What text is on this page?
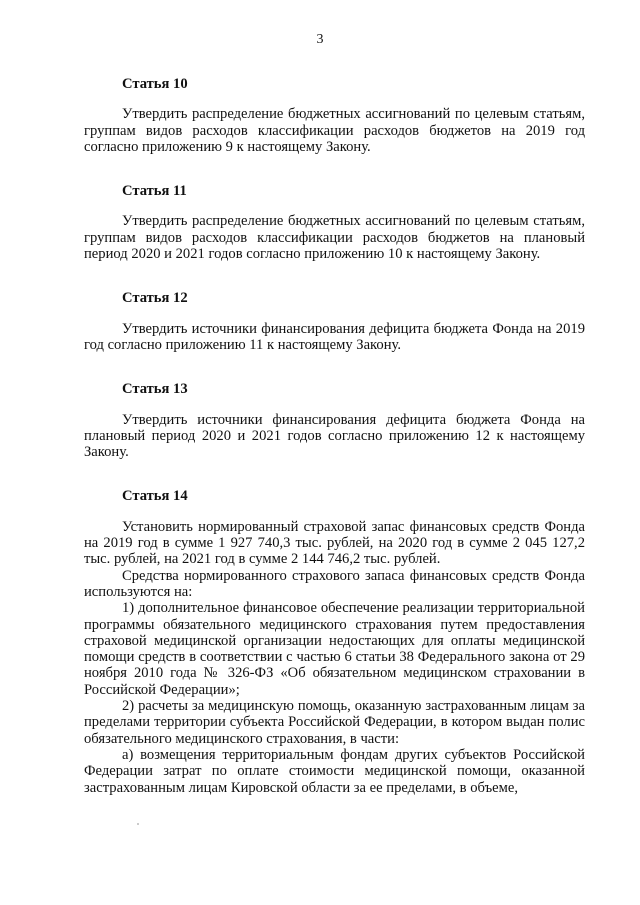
3
Статья 10

Утвердить распределение бюджетных ассигнований по целевым статьям, группам видов расходов классификации расходов бюджетов на 2019 год согласно приложению 9 к настоящему Закону.

Статья 11

Утвердить распределение бюджетных ассигнований по целевым статьям, группам видов расходов классификации расходов бюджетов на плановый период 2020 и 2021 годов согласно приложению 10 к настоящему Закону.

Статья 12

Утвердить источники финансирования дефицита бюджета Фонда на 2019 год согласно приложению 11 к настоящему Закону.

Статья 13

Утвердить источники финансирования дефицита бюджета Фонда на плановый период 2020 и 2021 годов согласно приложению 12 к настоящему Закону.

Статья 14

Установить нормированный страховой запас финансовых средств Фонда на 2019 год в сумме 1 927 740,3 тыс. рублей, на 2020 год в сумме 2 045 127,2 тыс. рублей, на 2021 год в сумме 2 144 746,2 тыс. рублей.

Средства нормированного страхового запаса финансовых средств Фонда используются на:

1) дополнительное финансовое обеспечение реализации территориальной программы обязательного медицинского страхования путем предоставления страховой медицинской организации недостающих для оплаты медицинской помощи средств в соответствии с частью 6 статьи 38 Федерального закона от 29 ноября 2010 года № 326-ФЗ «Об обязательном медицинском страховании в Российской Федерации»;

2) расчеты за медицинскую помощь, оказанную застрахованным лицам за пределами территории субъекта Российской Федерации, в котором выдан полис обязательного медицинского страхования, в части:

а) возмещения территориальным фондам других субъектов Российской Федерации затрат по оплате стоимости медицинской помощи, оказанной застрахованным лицам Кировской области за ее пределами, в объеме,
